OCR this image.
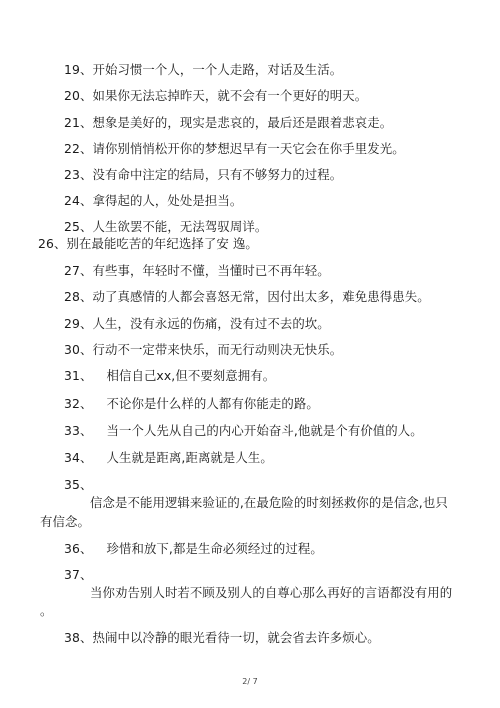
19、开始习惯一个人，一个人走路，对话及生活。
20、如果你无法忘掉昨天，就不会有一个更好的明天。
21、想象是美好的，现实是悲哀的，最后还是跟着悲哀走。
22、请你别悄悄松开你的梦想迟早有一天它会在你手里发光。
23、没有命中注定的结局，只有不够努力的过程。
24、拿得起的人，处处是担当。
25、人生欲罢不能，无法驾驭周详。
26、别在最能吃苦的年纪选择了安 逸。
27、有些事，年轻时不懂，当懂时已不再年轻。
28、动了真感情的人都会喜怒无常，因付出太多，难免患得患失。
29、人生，没有永远的伤痛，没有过不去的坎。
30、行动不一定带来快乐，而无行动则决无快乐。
31、 相信自己xx,但不要刻意拥有。
32、 不论你是什么样的人都有你能走的路。
33、 当一个人先从自己的内心开始奋斗,他就是个有价值的人。
34、 人生就是距离,距离就是人生。
35、
信念是不能用逻辑来验证的,在最危险的时刻拯救你的是信念,也只
有信念。
36、 珍惜和放下,都是生命必须经过的过程。
37、
当你劝告别人时若不顾及别人的自尊心那么再好的言语都没有用的
。
38、热闹中以冷静的眼光看待一切，就会省去许多烦心。
2/ 7
